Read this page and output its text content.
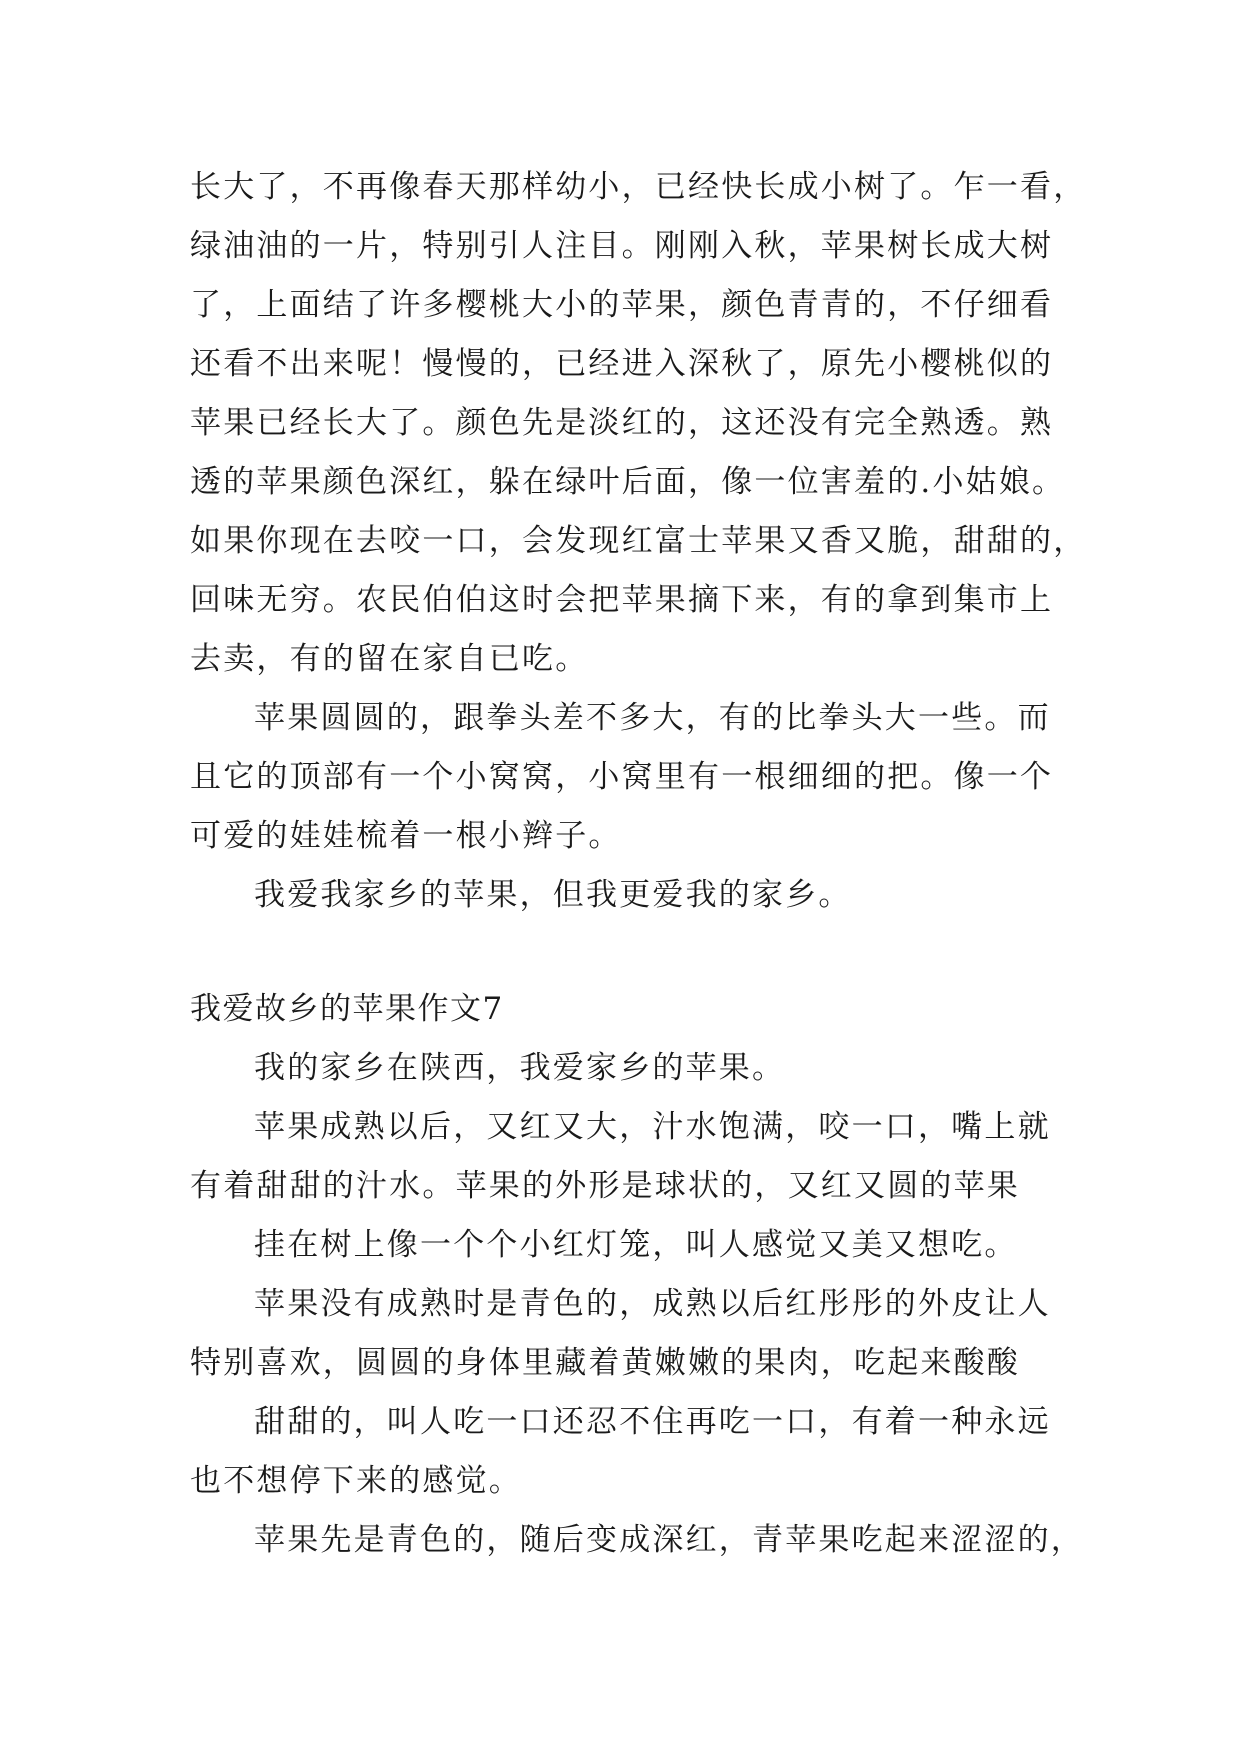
长大了，不再像春天那样幼小，已经快长成小树了。乍一看，
绿油油的一片，特别引人注目。刚刚入秋，苹果树长成大树
了，上面结了许多樱桃大小的苹果，颜色青青的，不仔细看
还看不出来呢！慢慢的，已经进入深秋了，原先小樱桃似的
苹果已经长大了。颜色先是淡红的，这还没有完全熟透。熟
透的苹果颜色深红，躲在绿叶后面，像一位害羞的.小姑娘。
如果你现在去咬一口，会发现红富士苹果又香又脆，甜甜的，
回味无穷。农民伯伯这时会把苹果摘下来，有的拿到集市上
去卖，有的留在家自已吃。
苹果圆圆的，跟拳头差不多大，有的比拳头大一些。而
且它的顶部有一个小窝窝，小窝里有一根细细的把。像一个
可爱的娃娃梳着一根小辫子。
我爱我家乡的苹果，但我更爱我的家乡。
我爱故乡的苹果作文7
我的家乡在陕西，我爱家乡的苹果。
苹果成熟以后，又红又大，汁水饱满，咬一口，嘴上就
有着甜甜的汁水。苹果的外形是球状的，又红又圆的苹果
挂在树上像一个个小红灯笼，叫人感觉又美又想吃。
苹果没有成熟时是青色的，成熟以后红彤彤的外皮让人
特别喜欢，圆圆的身体里藏着黄嫩嫩的果肉，吃起来酸酸
甜甜的，叫人吃一口还忍不住再吃一口，有着一种永远
也不想停下来的感觉。
苹果先是青色的，随后变成深红，青苹果吃起来涩涩的，
